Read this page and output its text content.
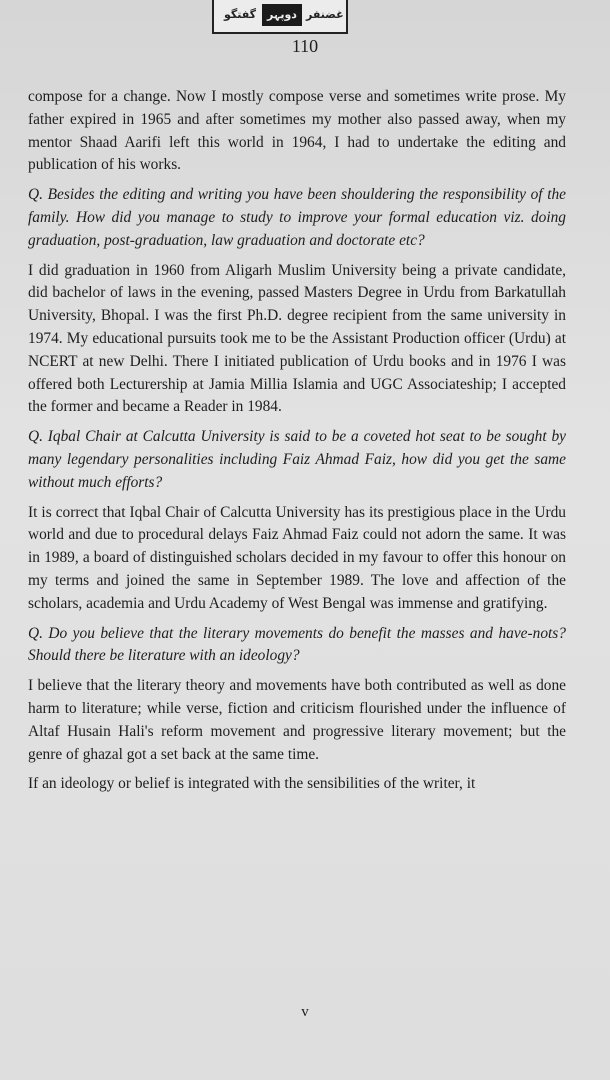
گفتگو	دوپہر غضنفر
110

compose for a change. Now I mostly compose verse and sometimes write prose. My father expired in 1965 and after sometimes my mother also passed away, when my mentor Shaad Aarifi left this world in 1964, I had to undertake the editing and publication of his works.

Q. Besides the editing and writing you have been shouldering the responsibility of the family. How did you manage to study to improve your formal education viz. doing graduation, post-graduation, law graduation and doctorate etc?

I did graduation in 1960 from Aligarh Muslim University being a private candidate, did bachelor of laws in the evening, passed Masters Degree in Urdu from Barkatullah University, Bhopal. I was the first Ph.D. degree recipient from the same university in 1974. My educational pursuits took me to be the Assistant Production officer (Urdu) at NCERT at new Delhi. There I initiated publication of Urdu books and in 1976 I was offered both Lecturership at Jamia Millia Islamia and UGC Associateship; I accepted the former and became a Reader in 1984.

Q. Iqbal Chair at Calcutta University is said to be a coveted hot seat to be sought by many legendary personalities including Faiz Ahmad Faiz, how did you get the same without much efforts?

It is correct that Iqbal Chair of Calcutta University has its prestigious place in the Urdu world and due to procedural delays Faiz Ahmad Faiz could not adorn the same. It was in 1989, a board of distinguished scholars decided in my favour to offer this honour on my terms and joined the same in September 1989. The love and affection of the scholars, academia and Urdu Academy of West Bengal was immense and gratifying.

Q. Do you believe that the literary movements do benefit the masses and have-nots? Should there be literature with an ideology?

I believe that the literary theory and movements have both contributed as well as done harm to literature; while verse, fiction and criticism flourished under the influence of Altaf Husain Hali's reform movement and progressive literary movement; but the genre of ghazal got a set back at the same time.

If an ideology or belief is integrated with the sensibilities of the writer, it

v
